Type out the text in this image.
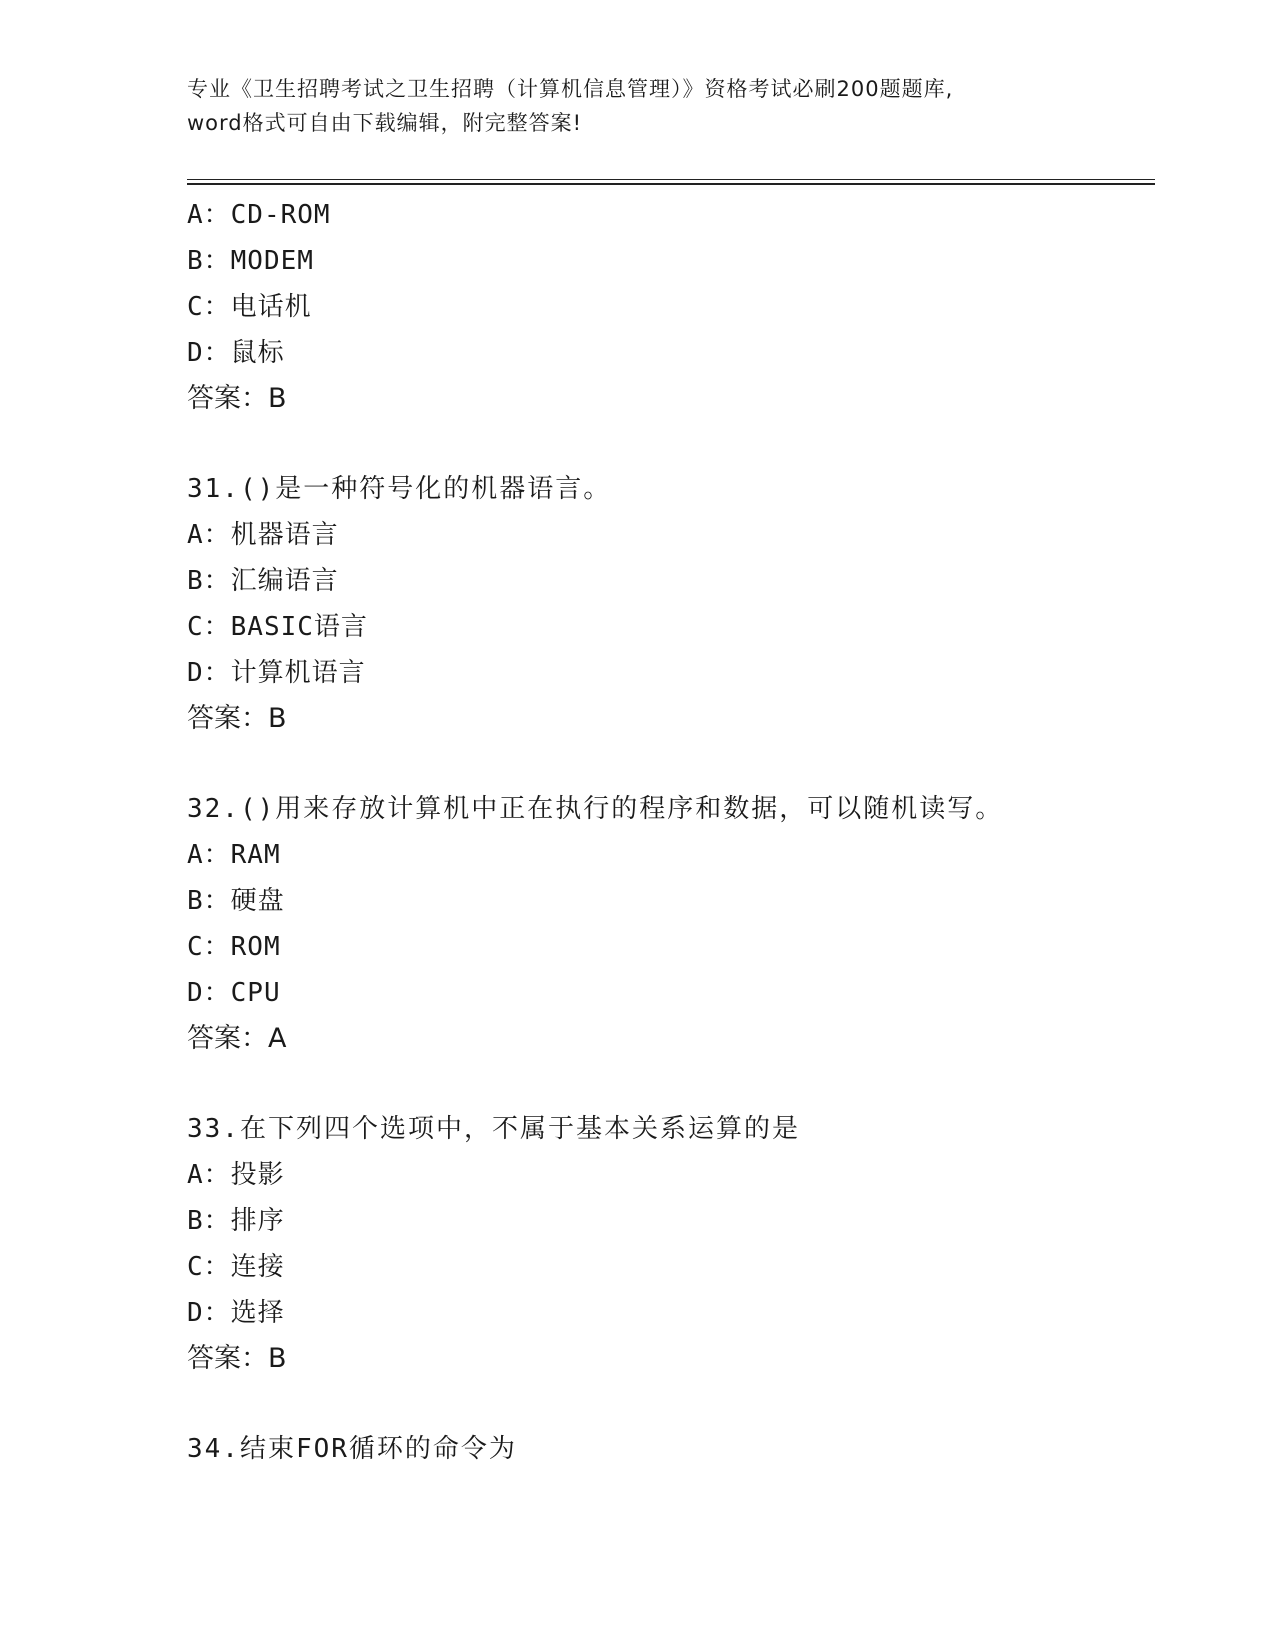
专业《卫生招聘考试之卫生招聘（计算机信息管理）》资格考试必刷200题题库,
word格式可自由下载编辑，附完整答案!
A：CD-ROM
B：MODEM
C：电话机
D：鼠标
答案：B
31.()是一种符号化的机器语言。
A：机器语言
B：汇编语言
C：BASIC语言
D：计算机语言
答案：B
32.()用来存放计算机中正在执行的程序和数据，可以随机读写。
A：RAM
B：硬盘
C：ROM
D：CPU
答案：A
33.在下列四个选项中，不属于基本关系运算的是
A：投影
B：排序
C：连接
D：选择
答案：B
34.结束FOR循环的命令为
